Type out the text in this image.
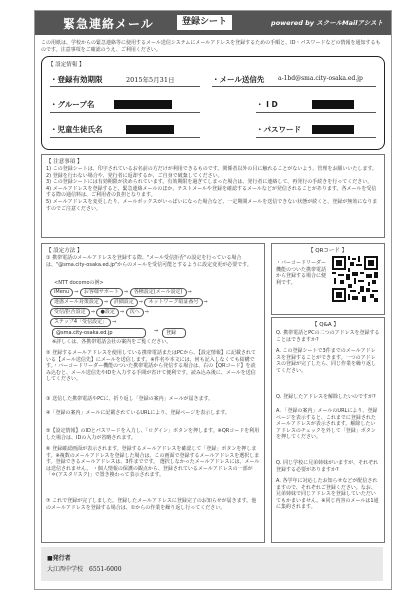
緊急連絡メール	登録シート	powered by スクールMailアシスト
この用紙は、学校からの緊急連絡等に使用するメール送信システムにメールアドレスを登録するための手順と、ID・パスワードなどの情報を通知するものです。注意事項をご確認のうえ、ご利用ください。
【 設定情報 】
・登録有効期限	2015年5月31日	・メール送信先 a-1bd@sma.city-osaka.ed.jp
・グループ名	・ I D
・児童生徒氏名	・パスワード
【 注意事項 】
1) この登録シートは、印字されているお名前の方だけが利用できるものです。関係者以外の目に触れることがないよう、管理をお願いいたします。
2) 登録を行わない場合や、発行者に返却するか、ご自身で破棄してください。
3) この登録シートには有効期限が決められています。有効期限を過ぎてしまった場合は、発行者に連絡して、再発行の手続きを行ってください。
4) メールアドレスを登録すると、緊急連絡メールのほか、テストメールや登録を確認するメールなどが発信されることがあります。各メールを受信する際の通信料は、ご利用者の負担となります。
5) メールアドレスを変更したり、メールボックスがいっぱいになった場合など、一定期間メールを送信できない状態が続くと、登録が無効になりますのでご注意ください。
【 設定方法 】
① 携帯電話のメールアドレスを登録する際、"メール受信拒否"の設定を行っている場合は、"@sma.city-osaka.ed.jp"からのメールを受信可能とするように設定変更が必要です。
<NTT docomoの例>
iMenu ⇒ お客様サポート ⇒ 各種設定(メール設定) ⇒
迷惑メール対策設定 ⇒ 詳細設定 ⇒ ネットワーク暗証番号 ⇒
受信/拒否設定 ⇒ ●設定 ⇒ 次へ ⇒
ステップ4「受信設定」 ⇒
@sma.city-osaka.ed.jp	⇒	登録
※詳しくは、各携帯電話会社の案内をご覧ください。
② 登録するメールアドレスを使用している携帯電話またはPCから、【設定情報】に記載されている【メール送信先】にメールを送信します。※件名や本文には、何も記入しなくても結構です。・バーコードリーダー機能のついた携帯電話から発信する場合は、右の【QRコード】を読み込むと、メール送信先やIDを入力する手間が省けて便利です。読み込み後に、メールを送信してください。
③ 送信した携帯電話やPCに、折り返し「登録の案内」メールが届きます。
④「登録の案内」メールに記載されているURLにより、登録ページを表示します。
⑤【設定情報】のIDとパスワードを入力し、「ログイン」ボタンを押します。※QRコードを利用した場合は、IDの入力が省略されます。
⑥ 登録確認画面が表示されます。登録するメールアドレスを確認して「登録」ボタンを押します。※複数のメールアドレスを登録した場合は、この画面で登録するメールアドレスを選択します。登録できるメールアドレスは、3件までです。 選択しなかったメールアドレスには、メールは送信されません。 ・個人情報の保護の観点から、登録されているメールアドレスの一部が「＊(アスタリスク)」で置き換わって表示されます。
⑦ これで登録が完了しました。登録したメールアドレスに登録完了のお知らせが届きます。他のメールアドレスを登録する場合は、①からの作業を繰り返し行ってください。
【 QRコード 】
・バーコードリーダー機能のついた携帯電話から登録する場合に便利です。
【 Q&A 】
Q. 携帯電話とPCの二つのアドレスを登録することはできますか?
A. この登録シートで3件までのメールアドレスを登録することができます。一つのアドレスの登録が完了したら、同じ作業を繰り返してください。
Q. 登録したアドレスを解除したいのですが?
A. 「登録の案内」メールのURLにより、登録ページを表示すると、これまでに登録されたメールアドレスが表示されます。解除したいアドレスのチェックを外して「登録」ボタンを押してください。
Q. 同じ学校に兄弟姉妹がいますが、それぞれ登録する必要がありますか?
A. 各学年に対応したお知らせなどが配信されますので、それぞれご登録ください。なお、兄弟姉妹で同じアドレスを登録していただいてもかまいません。※同じ内容のメールは1通に集約されます。
■発行者
大江西中学校　6551-6000
